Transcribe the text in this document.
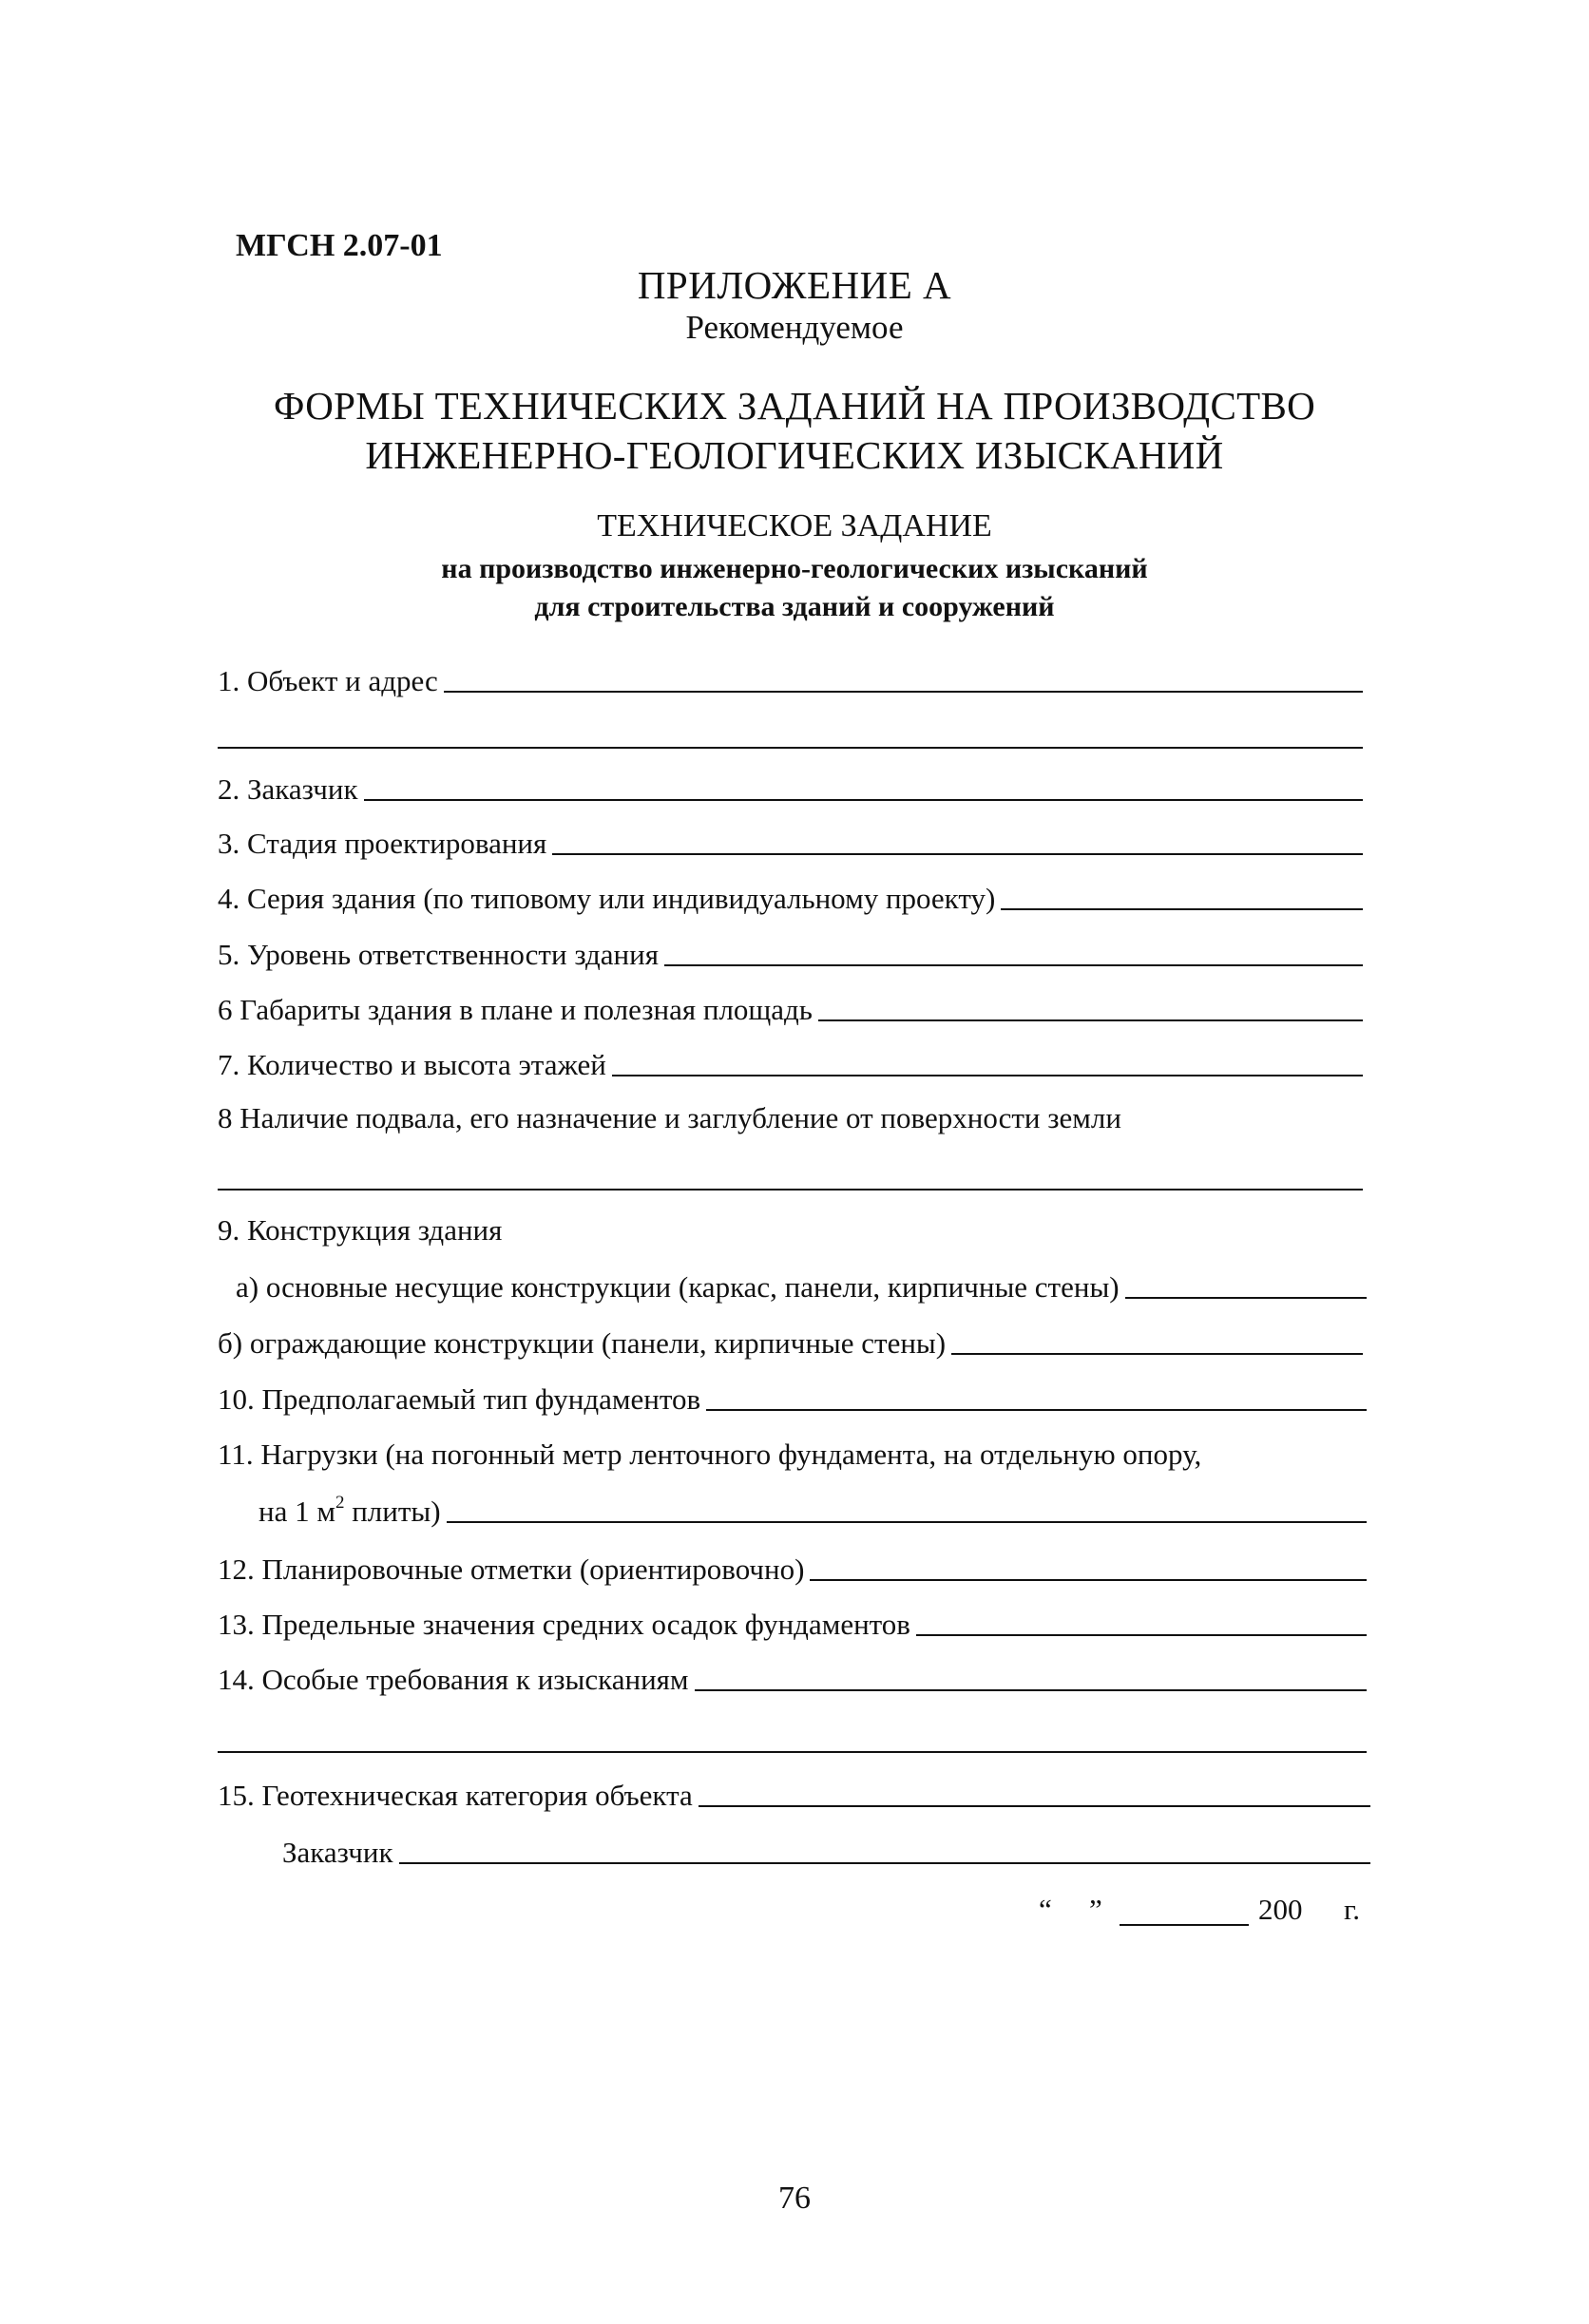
МГСН 2.07-01
ПРИЛОЖЕНИЕ А
Рекомендуемое
ФОРМЫ ТЕХНИЧЕСКИХ ЗАДАНИЙ НА ПРОИЗВОДСТВО
ИНЖЕНЕРНО-ГЕОЛОГИЧЕСКИХ ИЗЫСКАНИЙ
ТЕХНИЧЕСКОЕ ЗАДАНИЕ
на производство инженерно-геологических изысканий
для строительства зданий и сооружений
1. Объект и адрес
2. Заказчик
3. Стадия проектирования
4. Серия здания (по типовому или индивидуальному проекту)
5. Уровень ответственности здания
6 Габариты здания в плане и полезная площадь
7. Количество и высота этажей
8 Наличие подвала, его назначение и заглубление от поверхности земли
9. Конструкция здания
а) основные несущие конструкции (каркас, панели, кирпичные стены)
б) ограждающие конструкции (панели, кирпичные стены)
10. Предполагаемый тип фундаментов
11. Нагрузки (на погонный метр ленточного фундамента, на отдельную опору,
на 1 $м^2$ плиты)
12. Планировочные отметки (ориентировочно)
13. Предельные значения средних осадок фундаментов
14. Особые требования к изысканиям
15. Геотехническая категория объекта
Заказчик
“ ”	200 г.
76
